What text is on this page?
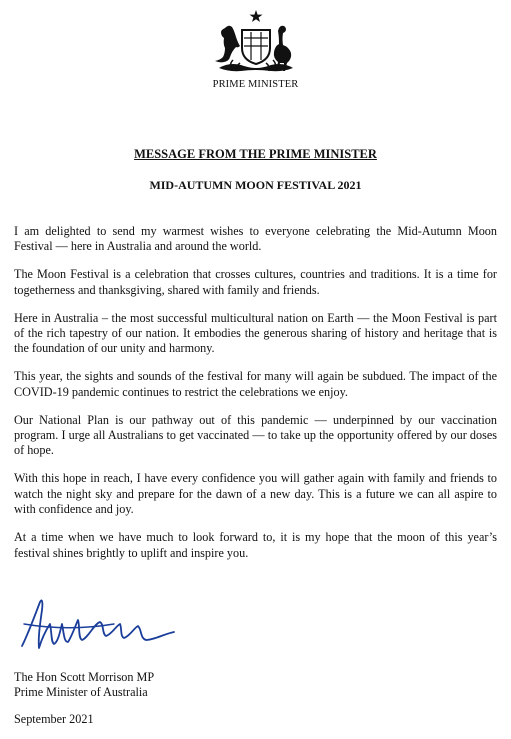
PRIME MINISTER
MESSAGE FROM THE PRIME MINISTER
MID-AUTUMN MOON FESTIVAL 2021

I am delighted to send my warmest wishes to everyone celebrating the Mid-Autumn Moon Festival — here in Australia and around the world.

The Moon Festival is a celebration that crosses cultures, countries and traditions. It is a time for togetherness and thanksgiving, shared with family and friends.

Here in Australia – the most successful multicultural nation on Earth — the Moon Festival is part of the rich tapestry of our nation. It embodies the generous sharing of history and heritage that is the foundation of our unity and harmony.

This year, the sights and sounds of the festival for many will again be subdued. The impact of the COVID-19 pandemic continues to restrict the celebrations we enjoy.

Our National Plan is our pathway out of this pandemic — underpinned by our vaccination program. I urge all Australians to get vaccinated — to take up the opportunity offered by our doses of hope.

With this hope in reach, I have every confidence you will gather again with family and friends to watch the night sky and prepare for the dawn of a new day. This is a future we can all aspire to with confidence and joy.

At a time when we have much to look forward to, it is my hope that the moon of this year’s festival shines brightly to uplift and inspire you.

The Hon Scott Morrison MP
Prime Minister of Australia
September 2021
